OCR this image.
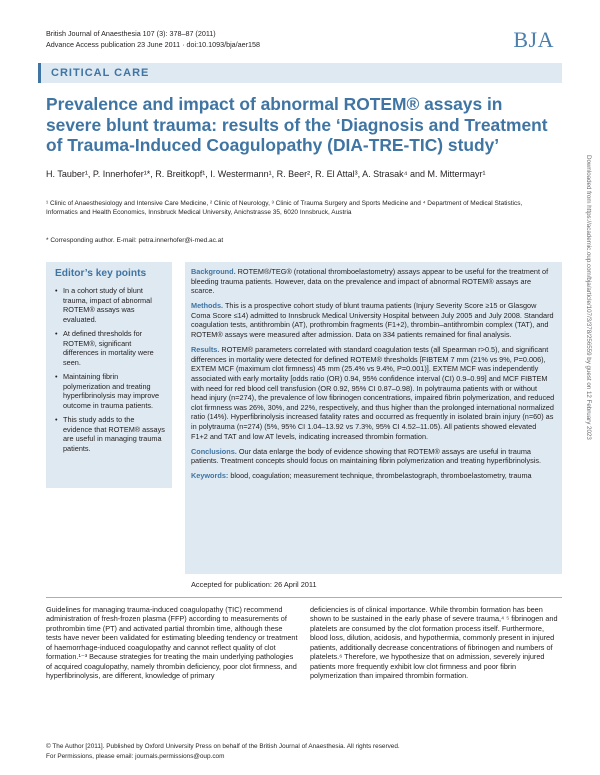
British Journal of Anaesthesia 107 (3): 378–87 (2011)
Advance Access publication 23 June 2011 · doi:10.1093/bja/aer158	BJA
CRITICAL CARE
Prevalence and impact of abnormal ROTEM® assays in severe blunt trauma: results of the ‘Diagnosis and Treatment of Trauma-Induced Coagulopathy (DIA-TRE-TIC) study’
H. Tauber¹, P. Innerhofer¹*, R. Breitkopf¹, I. Westermann¹, R. Beer², R. El Attal³, A. Strasak⁴ and M. Mittermayr¹
¹ Clinic of Anaesthesiology and Intensive Care Medicine, ² Clinic of Neurology, ³ Clinic of Trauma Surgery and Sports Medicine and ⁴ Department of Medical Statistics, Informatics and Health Economics, Innsbruck Medical University, Anichstrasse 35, 6020 Innsbruck, Austria
* Corresponding author. E-mail: petra.innerhofer@i-med.ac.at
Editor’s key points
• In a cohort study of blunt trauma, impact of abnormal ROTEM® assays was evaluated.
• At defined thresholds for ROTEM®, significant differences in mortality were seen.
• Maintaining fibrin polymerization and treating hyperfibrinolysis may improve outcome in trauma patients.
• This study adds to the evidence that ROTEM® assays are useful in managing trauma patients.

Background. ROTEM®/TEG® (rotational thromboelastometry) assays appear to be useful for the treatment of bleeding trauma patients. However, data on the prevalence and impact of abnormal ROTEM® assays are scarce.

Methods. This is a prospective cohort study of blunt trauma patients (Injury Severity Score ≥15 or Glasgow Coma Score ≤14) admitted to Innsbruck Medical University Hospital between July 2005 and July 2008. Standard coagulation tests, antithrombin (AT), prothrombin fragments (F1+2), thrombin–antithrombin complex (TAT), and ROTEM® assays were measured after admission. Data on 334 patients remained for final analysis.

Results. ROTEM® parameters correlated with standard coagulation tests (all Spearman r>0.5), and significant differences in mortality were detected for defined ROTEM® thresholds [FIBTEM 7 mm (21% vs 9%, P=0.006), EXTEM MCF (maximum clot firmness) 45 mm (25.4% vs 9.4%, P=0.001)]. EXTEM MCF was independently associated with early mortality [odds ratio (OR) 0.94, 95% confidence interval (CI) 0.9–0.99] and MCF FIBTEM with need for red blood cell transfusion (OR 0.92, 95% CI 0.87–0.98). In polytrauma patients with or without head injury (n=274), the prevalence of low fibrinogen concentrations, impaired fibrin polymerization, and reduced clot firmness was 26%, 30%, and 22%, respectively, and thus higher than the prolonged international normalized ratio (14%). Hyperfibrinolysis increased fatality rates and occurred as frequently in isolated brain injury (n=60) as in polytrauma (n=274) (5%, 95% CI 1.04–13.92 vs 7.3%, 95% CI 4.52–11.05). All patients showed elevated F1+2 and TAT and low AT levels, indicating increased thrombin formation.

Conclusions. Our data enlarge the body of evidence showing that ROTEM® assays are useful in trauma patients. Treatment concepts should focus on maintaining fibrin polymerization and treating hyperfibrinolysis.

Keywords: blood, coagulation; measurement technique, thrombelastograph, thromboelastometry, trauma

Accepted for publication: 26 April 2011

Guidelines for managing trauma-induced coagulopathy (TIC) recommend administration of fresh-frozen plasma (FFP) according to measurements of prothrombin time (PT) and activated partial thrombin time, although these tests have never been validated for estimating bleeding tendency or treatment of haemorrhage-induced coagulopathy and cannot reflect quality of clot formation.¹⁻³ Because strategies for treating the main underlying pathologies of acquired coagulopathy, namely thrombin deficiency, poor clot firmness, and hyperfibrinolysis, are different, knowledge of primary

deficiencies is of clinical importance. While thrombin formation has been shown to be sustained in the early phase of severe trauma,⁴ ⁵ fibrinogen and platelets are consumed by the clot formation process itself. Furthermore, blood loss, dilution, acidosis, and hypothermia, commonly present in injured patients, additionally decrease concentrations of fibrinogen and numbers of platelets.⁶ Therefore, we hypothesize that on admission, severely injured patients more frequently exhibit low clot firmness and poor fibrin polymerization than impaired thrombin formation.

© The Author [2011]. Published by Oxford University Press on behalf of the British Journal of Anaesthesia. All rights reserved.
For Permissions, please email: journals.permissions@oup.com
Downloaded from https://academic.oup.com/bja/article/107/3/378/256559 by guest on 12 February 2023
